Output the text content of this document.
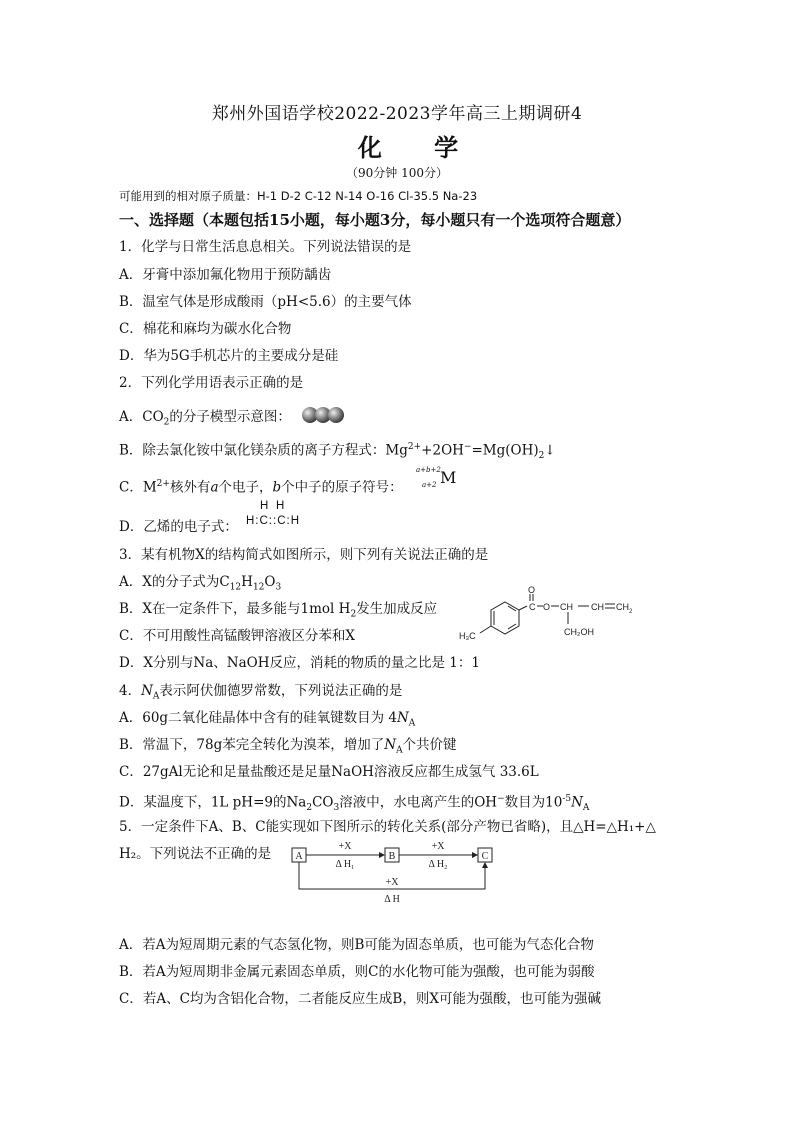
郑州外国语学校2022-2023学年高三上期调研4
化 学
（90分钟 100分）
可能用到的相对原子质量：H-1 D-2 C-12 N-14 O-16 Cl-35.5 Na-23
一、选择题（本题包括15小题，每小题3分，每小题只有一个选项符合题意）
1．化学与日常生活息息相关。下列说法错误的是
A．牙膏中添加氟化物用于预防龋齿
B．温室气体是形成酸雨（pH<5.6）的主要气体
C．棉花和麻均为碳水化合物
D．华为5G手机芯片的主要成分是硅
2．下列化学用语表示正确的是
A．$CO_2$的分子模型示意图：
B．除去氯化铵中氯化镁杂质的离子方程式：$Mg^{2+}+2OH^-=Mg(OH)_2↓$
C．$M^{2+}$核外有a个电子，b个中子的原子符号：
a+b+2
a+2 M
D．乙烯的电子式：
H H
H:C::C:H
3．某有机物X的结构简式如图所示，则下列有关说法正确的是
A．X的分子式为$C_{12}H_{12}O_3$
B．X在一定条件下，最多能与1mol $H_2$发生加成反应
C．不可用酸性高锰酸钾溶液区分苯和X
D．X分别与Na、NaOH反应，消耗的物质的量之比是 1：1
O
C O CH CH $CH_2$
CH₂OH
H₃C
4．$N_A$表示阿伏伽德罗常数，下列说法正确的是
A．60g二氧化硅晶体中含有的硅氧键数目为 $4N_A$
B．常温下，78g苯完全转化为溴苯，增加了$N_A$个共价键
C．27gAl无论和足量盐酸还是足量NaOH溶液反应都生成氢气 33.6L
D．某温度下，1L pH=9的$Na_2CO_3$溶液中，水电离产生的OH−数目为$10^{-5}N_A$
5．一定条件下A、B、C能实现如下图所示的转化关系(部分产物已省略)，且△H=△H₁+△
H₂。下列说法不正确的是 A	B	C
+X
Δ H₁
+X
Δ H₂
+X
Δ H
A．若A为短周期元素的气态氢化物，则B可能为固态单质，也可能为气态化合物
B．若A为短周期非金属元素固态单质，则C的水化物可能为强酸，也可能为弱酸
C．若A、C均为含铝化合物，二者能反应生成B，则X可能为强酸，也可能为强碱
